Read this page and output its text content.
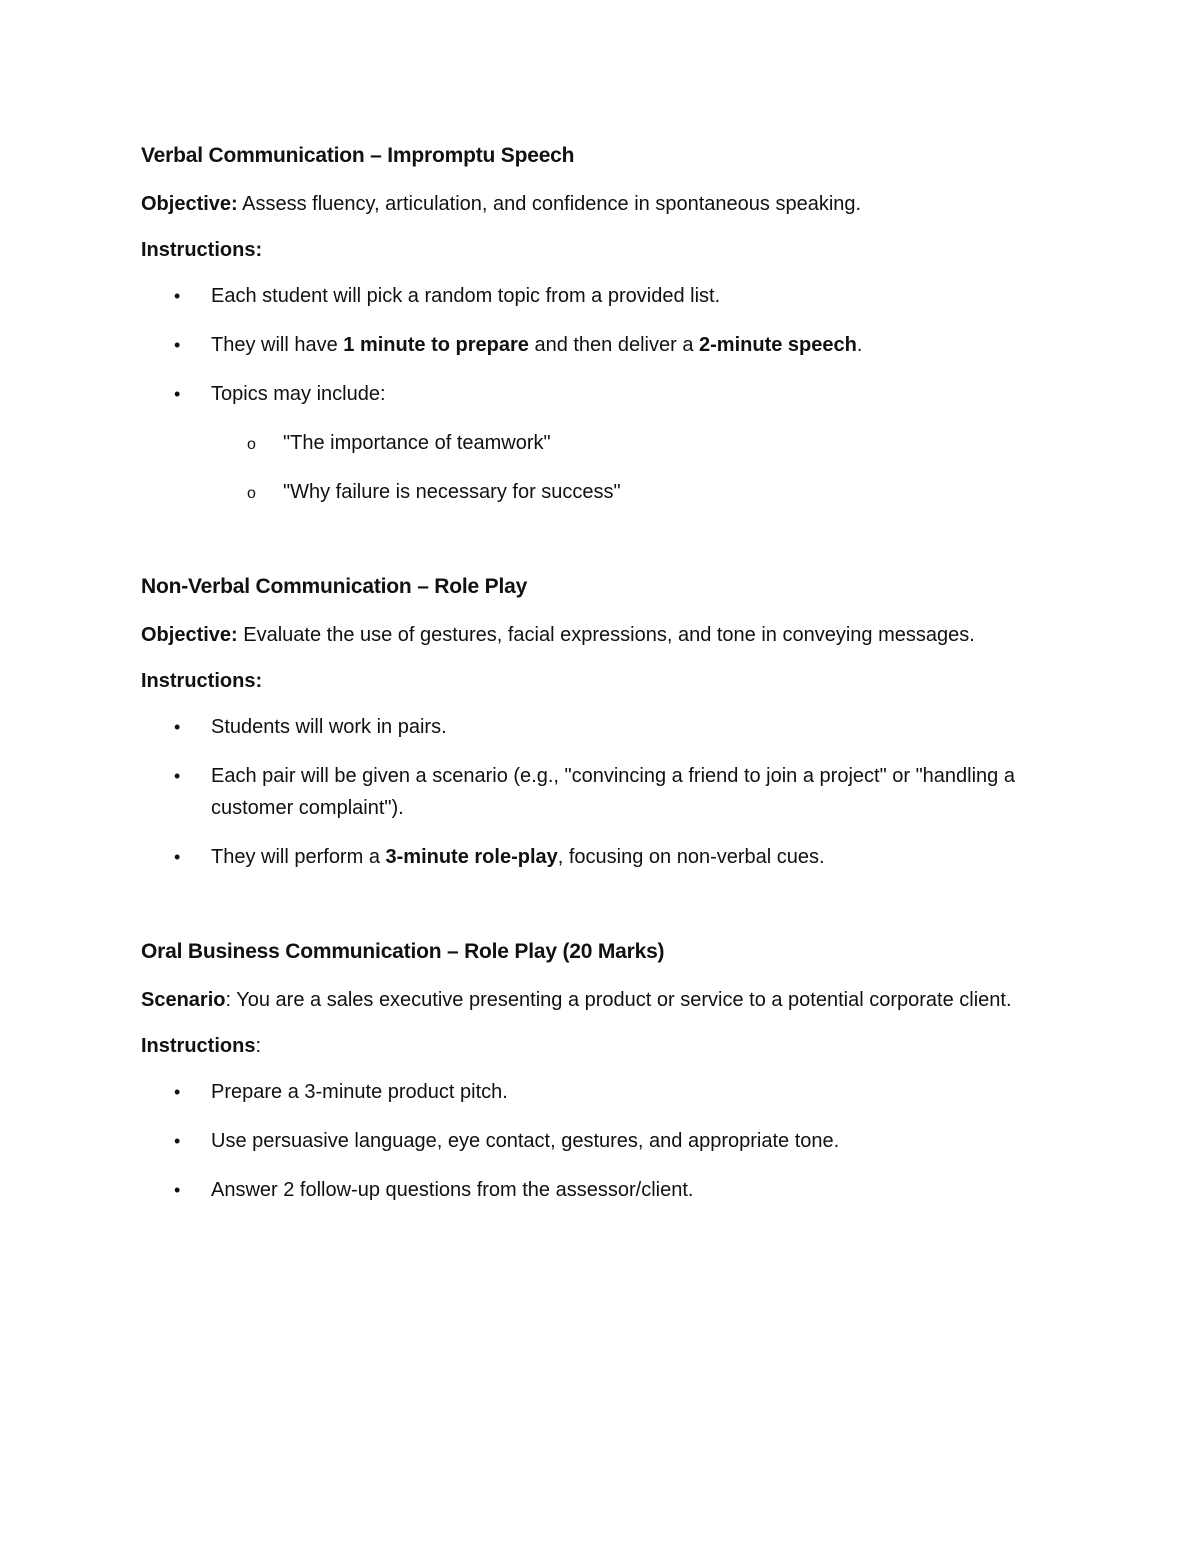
Verbal Communication – Impromptu Speech
Objective: Assess fluency, articulation, and confidence in spontaneous speaking.
Instructions:
• Each student will pick a random topic from a provided list.
• They will have 1 minute to prepare and then deliver a 2-minute speech.
• Topics may include:
o "The importance of teamwork"
o "Why failure is necessary for success"
Non-Verbal Communication – Role Play
Objective: Evaluate the use of gestures, facial expressions, and tone in conveying messages.
Instructions:
• Students will work in pairs.
• Each pair will be given a scenario (e.g., "convincing a friend to join a project" or "handling a customer complaint").
• They will perform a 3-minute role-play, focusing on non-verbal cues.
Oral Business Communication – Role Play (20 Marks)
Scenario: You are a sales executive presenting a product or service to a potential corporate client.
Instructions:
• Prepare a 3-minute product pitch.
• Use persuasive language, eye contact, gestures, and appropriate tone.
• Answer 2 follow-up questions from the assessor/client.
